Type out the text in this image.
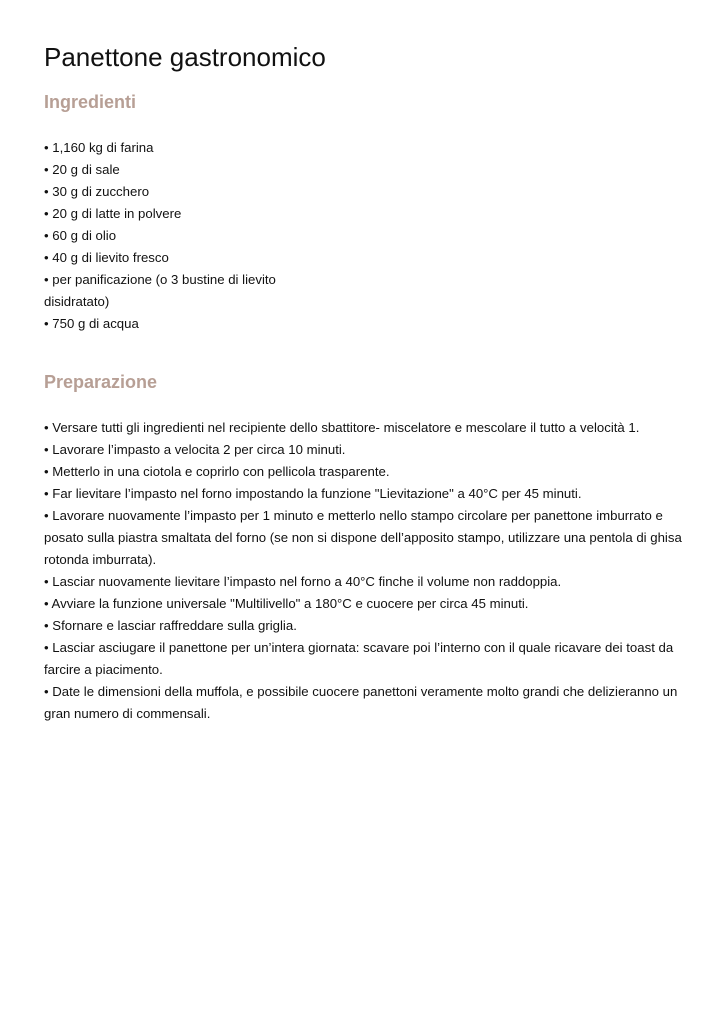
Panettone gastronomico
Ingredienti
• 1,160 kg di farina
• 20 g di sale
• 30 g di zucchero
• 20 g di latte in polvere
• 60 g di olio
• 40 g di lievito fresco
• per panificazione (o 3 bustine di lievito disidratato)
• 750 g di acqua
Preparazione
• Versare tutti gli ingredienti nel recipiente dello sbattitore- miscelatore e mescolare il tutto a velocità 1.
• Lavorare l’impasto a velocita 2 per circa 10 minuti.
• Metterlo in una ciotola e coprirlo con pellicola trasparente.
• Far lievitare l’impasto nel forno impostando la funzione "Lievitazione" a 40°C per 45 minuti.
• Lavorare nuovamente l’impasto per 1 minuto e metterlo nello stampo circolare per panettone imburrato e posato sulla piastra smaltata del forno (se non si dispone dell’apposito stampo, utilizzare una pentola di ghisa rotonda imburrata).
• Lasciar nuovamente lievitare l’impasto nel forno a 40°C finche il volume non raddoppia.
• Avviare la funzione universale "Multilivello" a 180°C e cuocere per circa 45 minuti.
• Sfornare e lasciar raffreddare sulla griglia.
• Lasciar asciugare il panettone per un’intera giornata: scavare poi l’interno con il quale ricavare dei toast da farcire a piacimento.
• Date le dimensioni della muffola, e possibile cuocere panettoni veramente molto grandi che delizieranno un gran numero di commensali.
